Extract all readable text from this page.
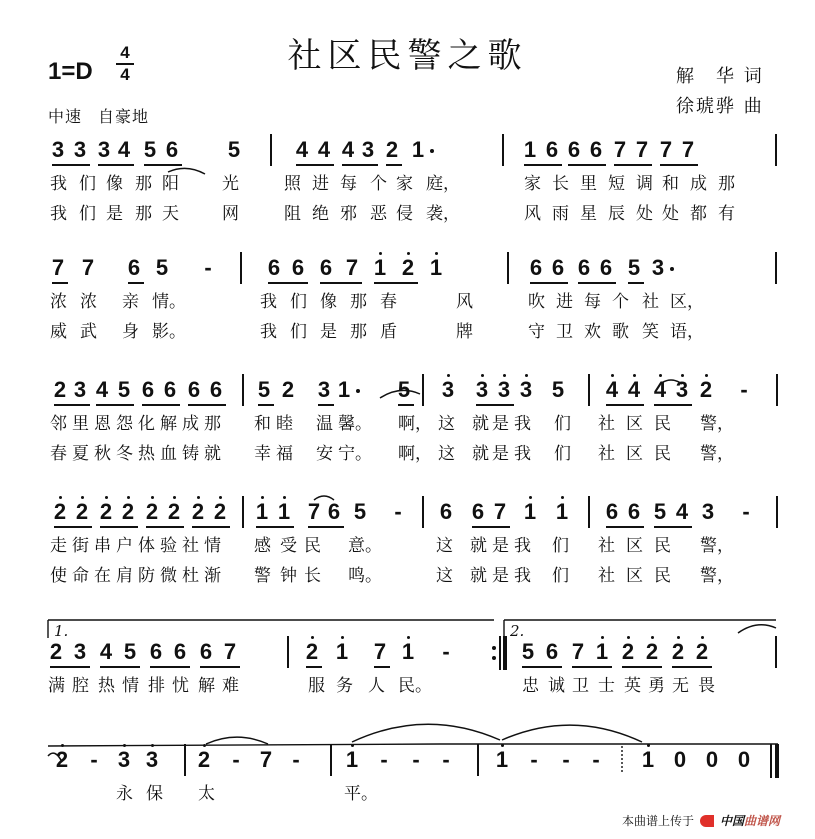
社区民警之歌
1=D
4
4
中速 自豪地
解　华 词
徐琥骅 曲
3 3 3 4 5 6 5	4 4 4 3 2 1	1 6 6 6 7 7 7 7
我 们 像 那 阳	光	照 进 每 个 家 庭，	家 长 里 短 调 和 成 那
我 们 是 那 天	网	阻 绝 邪 恶 侵 袭，	风 雨 星 辰 处 处 都 有
7 7 6 5 -	6 6 6 7 1 2 1	6 6 6 6 5 3
浓 浓 亲 情。	我 们 像 那 春	风	吹 进 每 个 社 区，
威 武 身 影。	我 们 是 那 盾	牌	守 卫 欢 歌 笑 语，
2 3 4 5 6 6 6 6 5 2 3 1 5 3 3 3 3 5 4 4 4 3 2 -
邻 里 恩 怨 化 解 成 那 和 睦 温 馨。 啊， 这 就 是 我 们 社 区 民 警，
春 夏 秋 冬 热 血 铸 就 幸 福 安 宁。 啊， 这 就 是 我 们 社 区 民 警，
2 2 2 2 2 2 2 2 1 1 7 6 5 - 6 6 7 1 1 6 6 5 4 3 -
走 街 串 户 体 验 社 情 感 受 民 意。	这 就 是 我 们 社 区 民 警，
使 命 在 肩 防 微 杜 渐 警 钟 长 鸣。	这 就 是 我 们 社 区 民 警，
2 3 4 5 6 6 6 7	2 1 7 1 -	5 6 7 1 2 2 2 2
满 腔 热 情 排 忧 解 难	服 务 人 民。	忠 诚 卫 士 英 勇 无 畏
2 - 3 3 2 - 7 - 1 - - - 1 - - - 1 0 0 0
永 保 太	平。
1.	2.
本曲谱上传于 中国曲谱网
